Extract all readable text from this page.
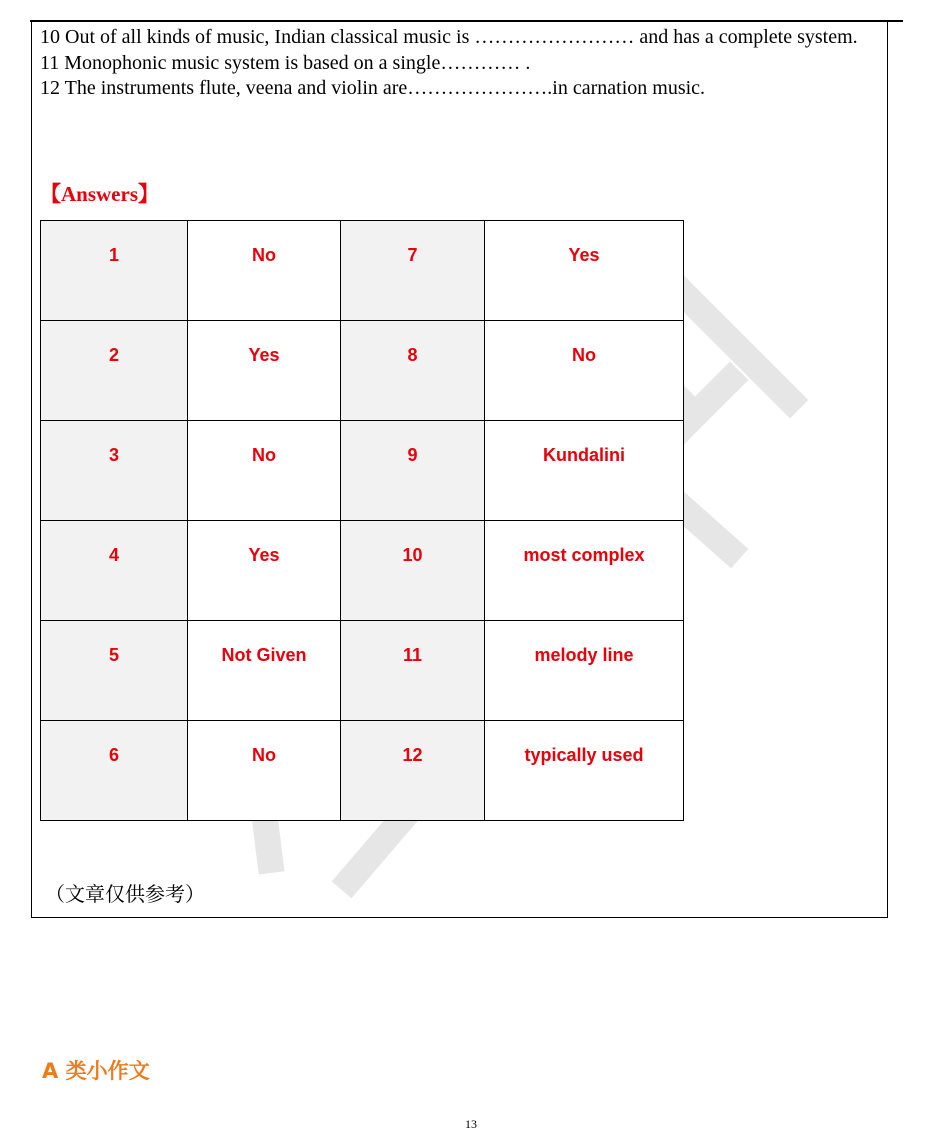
10 Out of all kinds of music, Indian classical music is …………………… and has a complete system.

11 Monophonic music system is based on a single………… .

12 The instruments flute, veena and violin are………………….in carnation music.

【Answers】
1	No	7	Yes

2	Yes	8	No

3	No	9	Kundalini

4	Yes	10	most complex

5	Not Given	11	melody line

6	No	12	typically used
（文章仅供参考）
A 类小作文
13
